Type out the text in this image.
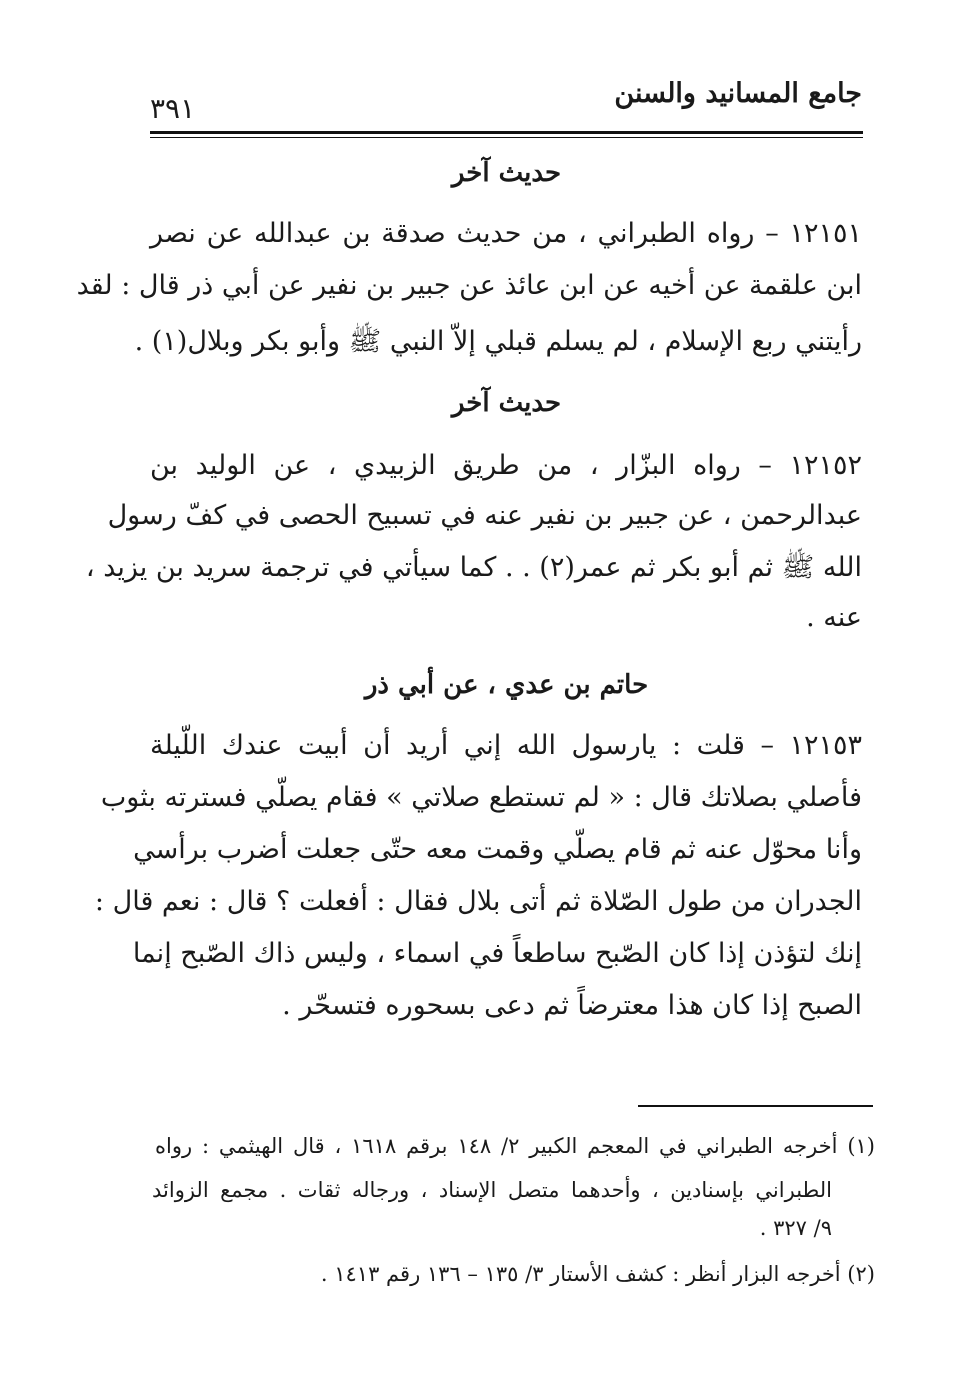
جامع المسانيد والسنن
٣٩١
حديث آخر
١٢١٥١ – رواه الطبراني ، من حديث صدقة بن عبدالله عن نصر
ابن علقمة عن أخيه عن ابن عائذ عن جبير بن نفير عن أبي ذر قال : لقد
رأيتني ربع الإسلام ، لم يسلم قبلي إلاّ النبي ﷺ وأبو بكر وبلال(١) .
حديث آخر
١٢١٥٢ – رواه البزّار ، من طريق الزبيدي ، عن الوليد بن
عبدالرحمن ، عن جبير بن نفير عنه في تسبيح الحصى في كفّ رسول
الله ﷺ ثم أبو بكر ثم عمر(٢) . . كما سيأتي في ترجمة سريد بن يزيد ،
عنه .
حاتم بن عدي ، عن أبي ذر
١٢١٥٣ – قلت : يارسول الله إني أريد أن أبيت عندك اللّيلة
فأصلي بصلاتك قال : « لم تستطع صلاتي » فقام يصلّي فسترته بثوب
وأنا محوّل عنه ثم قام يصلّي وقمت معه حتّى جعلت أضرب برأسي
الجدران من طول الصّلاة ثم أتى بلال فقال : أفعلت ؟ قال : نعم قال :
إنك لتؤذن إذا كان الصّبح ساطعاً في اسماء ، وليس ذاك الصّبح إنما
الصبح إذا كان هذا معترضاً ثم دعى بسحوره فتسحّر .
(١) أخرجه الطبراني في المعجم الكبير ٢/ ١٤٨ برقم ١٦١٨ ، قال الهيثمي : رواه
الطبراني بإسنادين ، وأحدهما متصل الإسناد ، ورجاله ثقات . مجمع الزوائد
٩/ ٣٢٧ .
(٢) أخرجه البزار أنظر : كشف الأستار ٣/ ١٣٥ – ١٣٦ رقم ١٤١٣ .
